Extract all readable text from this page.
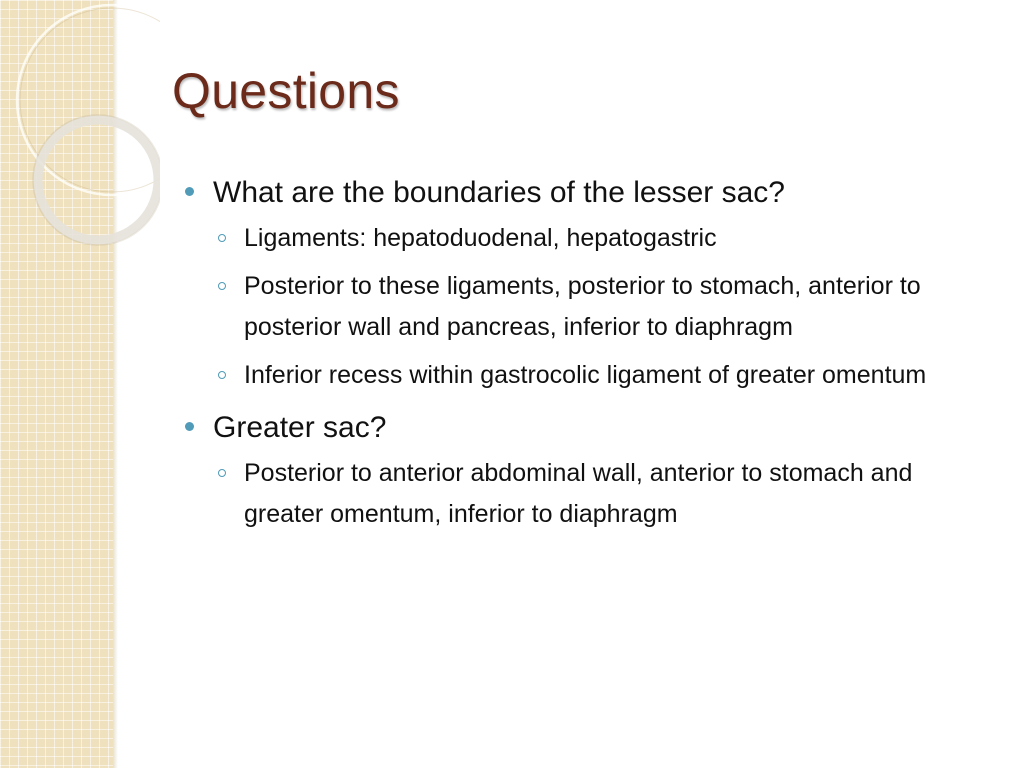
Questions
What are the boundaries of the lesser sac?
Ligaments: hepatoduodenal, hepatogastric
Posterior to these ligaments, posterior to stomach, anterior to posterior wall and pancreas, inferior to diaphragm
Inferior recess within gastrocolic ligament of greater omentum
Greater sac?
Posterior to anterior abdominal wall, anterior to stomach and greater omentum, inferior to diaphragm
